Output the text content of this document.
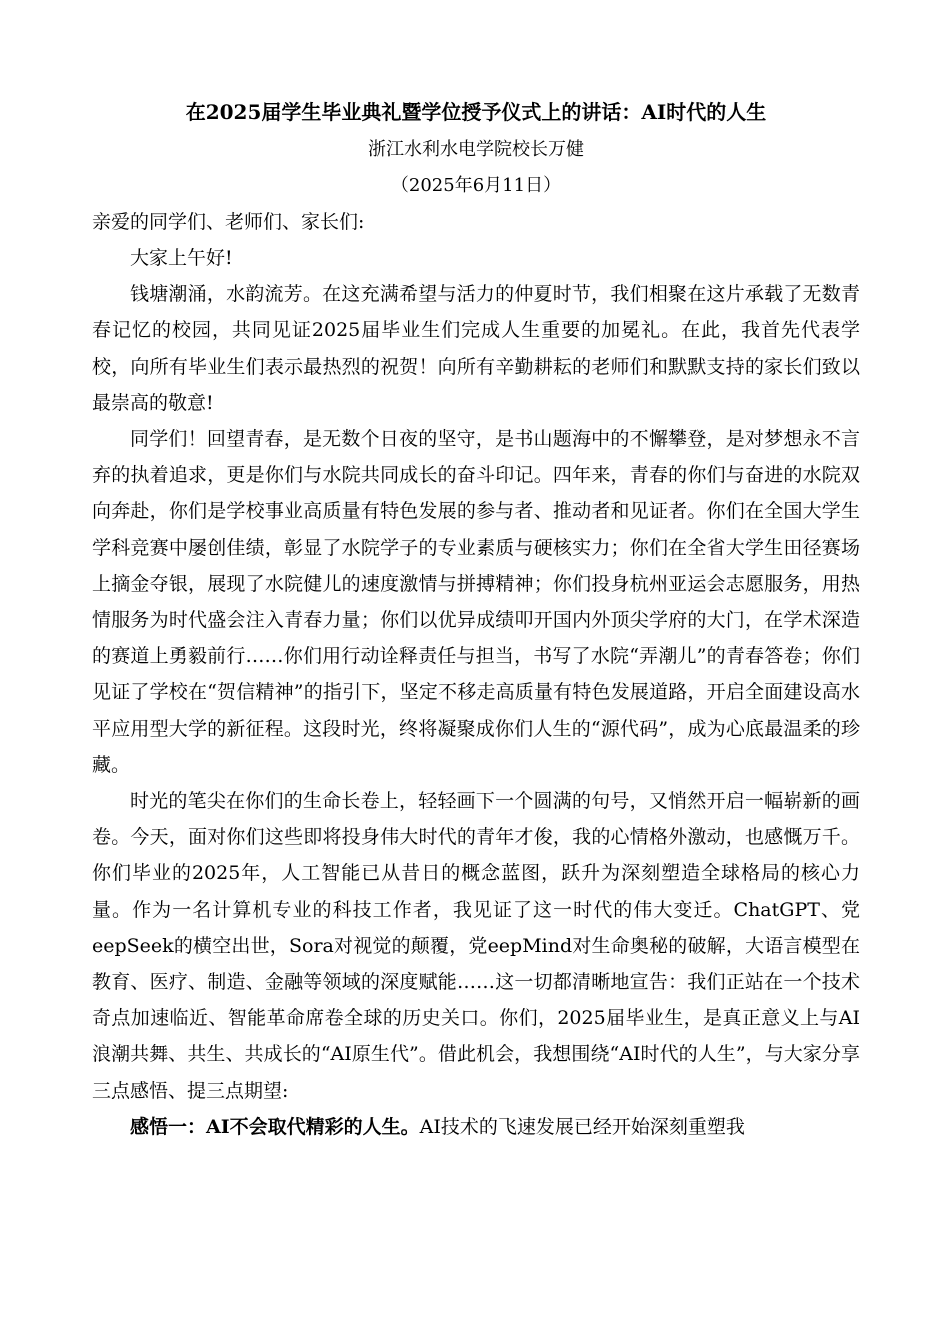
在2025届学生毕业典礼暨学位授予仪式上的讲话：AI时代的人生

浙江水利水电学院校长万健

（2025年6月11日）

亲爱的同学们、老师们、家长们:

大家上午好!

钱塘潮涌，水韵流芳。在这充满希望与活力的仲夏时节，我们相聚在这片承载了无数青春记忆的校园，共同见证2025届毕业生们完成人生重要的加冕礼。在此，我首先代表学校，向所有毕业生们表示最热烈的祝贺！向所有辛勤耕耘的老师们和默默支持的家长们致以最崇高的敬意!

同学们！回望青春，是无数个日夜的坚守，是书山题海中的不懈攀登，是对梦想永不言弃的执着追求，更是你们与水院共同成长的奋斗印记。四年来，青春的你们与奋进的水院双向奔赴，你们是学校事业高质量有特色发展的参与者、推动者和见证者。你们在全国大学生学科竞赛中屡创佳绩，彰显了水院学子的专业素质与硬核实力；你们在全省大学生田径赛场上摘金夺银，展现了水院健儿的速度激情与拼搏精神；你们投身杭州亚运会志愿服务，用热情服务为时代盛会注入青春力量；你们以优异成绩叩开国内外顶尖学府的大门，在学术深造的赛道上勇毅前行……你们用行动诠释责任与担当，书写了水院“弄潮儿”的青春答卷；你们见证了学校在“贺信精神”的指引下，坚定不移走高质量有特色发展道路，开启全面建设高水平应用型大学的新征程。这段时光，终将凝聚成你们人生的“源代码”，成为心底最温柔的珍藏。

时光的笔尖在你们的生命长卷上，轻轻画下一个圆满的句号，又悄然开启一幅崭新的画卷。今天，面对你们这些即将投身伟大时代的青年才俊，我的心情格外激动，也感慨万千。你们毕业的2025年，人工智能已从昔日的概念蓝图，跃升为深刻塑造全球格局的核心力量。作为一名计算机专业的科技工作者，我见证了这一时代的伟大变迁。ChatGPT、党eepSeek的横空出世，Sora对视觉的颠覆，党eepMind对生命奥秘的破解，大语言模型在教育、医疗、制造、金融等领域的深度赋能……这一切都清晰地宣告：我们正站在一个技术奇点加速临近、智能革命席卷全球的历史关口。你们，2025届毕业生，是真正意义上与AI浪潮共舞、共生、共成长的“AI原生代”。借此机会，我想围绕“AI时代的人生”，与大家分享三点感悟、提三点期望:

感悟一：AI不会取代精彩的人生。AI技术的飞速发展已经开始深刻重塑我
